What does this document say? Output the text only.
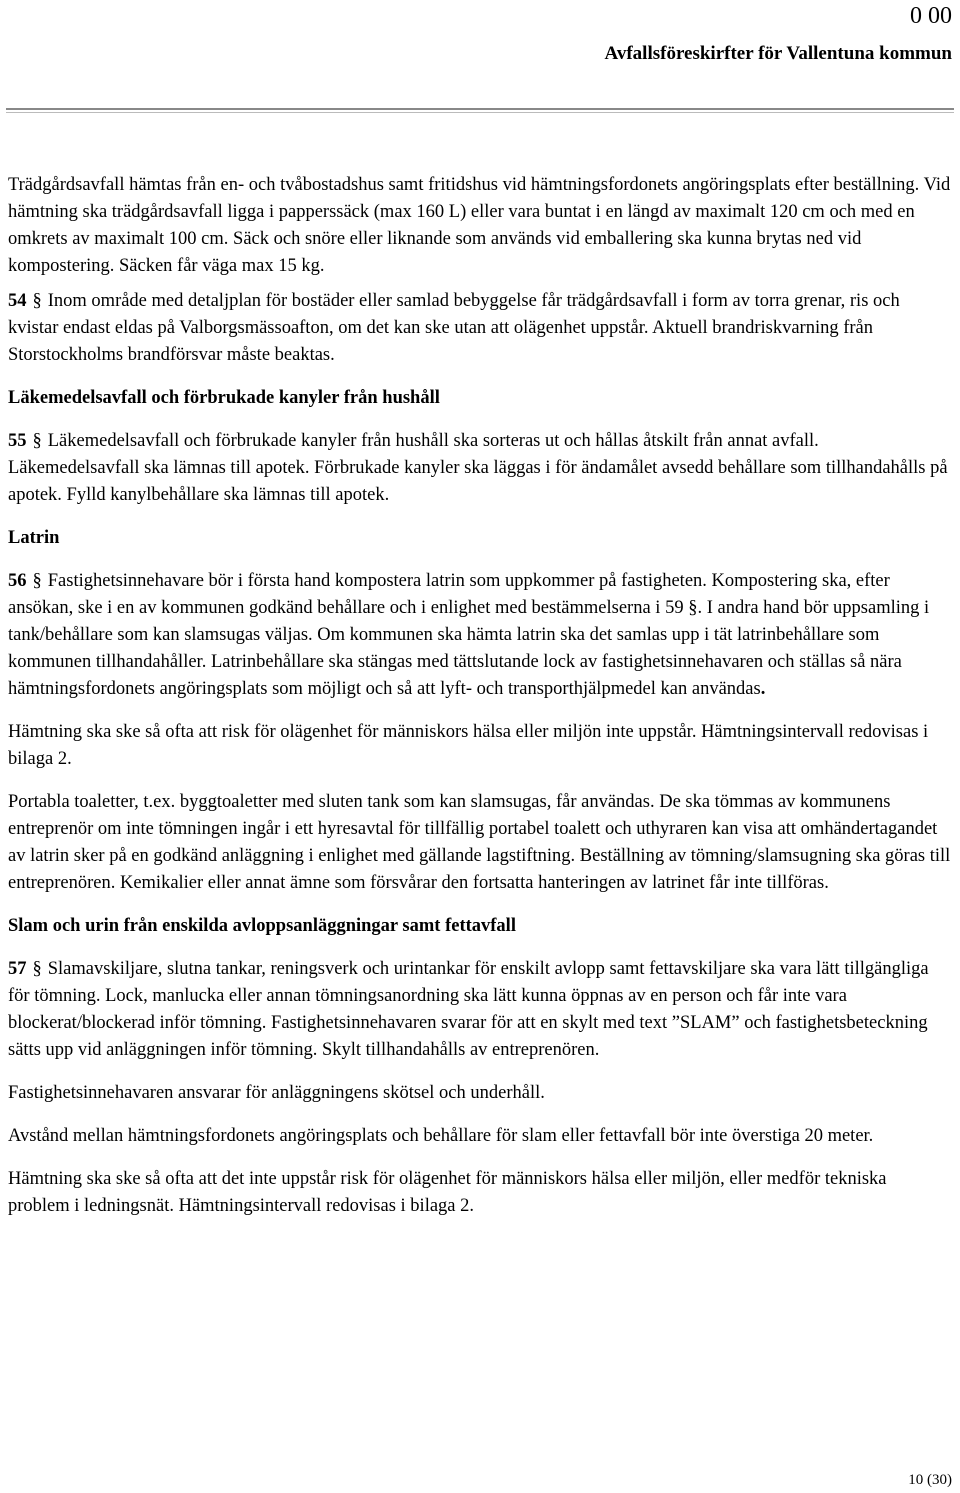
0 00
Avfallsföreskirfter för Vallentuna kommun

Trädgårdsavfall hämtas från en- och tvåbostadshus samt fritidshus vid hämtningsfordonets angöringsplats efter beställning. Vid hämtning ska trädgårdsavfall ligga i papperssäck (max 160 L) eller vara buntat i en längd av maximalt 120 cm och med en omkrets av maximalt 100 cm. Säck och snöre eller liknande som används vid emballering ska kunna brytas ned vid kompostering. Säcken får väga max 15 kg.

54 § Inom område med detaljplan för bostäder eller samlad bebyggelse får trädgårdsavfall i form av torra grenar, ris och kvistar endast eldas på Valborgsmässoafton, om det kan ske utan att olägenhet uppstår. Aktuell brandriskvarning från Storstockholms brandförsvar måste beaktas.

Läkemedelsavfall och förbrukade kanyler från hushåll

55 § Läkemedelsavfall och förbrukade kanyler från hushåll ska sorteras ut och hållas åtskilt från annat avfall. Läkemedelsavfall ska lämnas till apotek. Förbrukade kanyler ska läggas i för ändamålet avsedd behållare som tillhandahålls på apotek. Fylld kanylbehållare ska lämnas till apotek.

Latrin

56 § Fastighetsinnehavare bör i första hand kompostera latrin som uppkommer på fastigheten. Kompostering ska, efter ansökan, ske i en av kommunen godkänd behållare och i enlighet med bestämmelserna i 59 §. I andra hand bör uppsamling i tank/behållare som kan slamsugas väljas. Om kommunen ska hämta latrin ska det samlas upp i tät latrinbehållare som kommunen tillhandahåller. Latrinbehållare ska stängas med tättslutande lock av fastighetsinnehavaren och ställas så nära hämtningsfordonets angöringsplats som möjligt och så att lyft- och transporthjälpmedel kan användas.

Hämtning ska ske så ofta att risk för olägenhet för människors hälsa eller miljön inte uppstår. Hämtningsintervall redovisas i bilaga 2.

Portabla toaletter, t.ex. byggtoaletter med sluten tank som kan slamsugas, får användas. De ska tömmas av kommunens entreprenör om inte tömningen ingår i ett hyresavtal för tillfällig portabel toalett och uthyraren kan visa att omhändertagandet av latrin sker på en godkänd anläggning i enlighet med gällande lagstiftning. Beställning av tömning/slamsugning ska göras till entreprenören. Kemikalier eller annat ämne som försvårar den fortsatta hanteringen av latrinet får inte tillföras.

Slam och urin från enskilda avloppsanläggningar samt fettavfall

57 § Slamavskiljare, slutna tankar, reningsverk och urintankar för enskilt avlopp samt fettavskiljare ska vara lätt tillgängliga för tömning. Lock, manlucka eller annan tömningsanordning ska lätt kunna öppnas av en person och får inte vara blockerat/blockerad inför tömning. Fastighetsinnehavaren svarar för att en skylt med text ”SLAM” och fastighetsbeteckning sätts upp vid anläggningen inför tömning. Skylt tillhandahålls av entreprenören.

Fastighetsinnehavaren ansvarar för anläggningens skötsel och underhåll.

Avstånd mellan hämtningsfordonets angöringsplats och behållare för slam eller fettavfall bör inte överstiga 20 meter.

Hämtning ska ske så ofta att det inte uppstår risk för olägenhet för människors hälsa eller miljön, eller medför tekniska problem i ledningsnät. Hämtningsintervall redovisas i bilaga 2.

10 (30)
